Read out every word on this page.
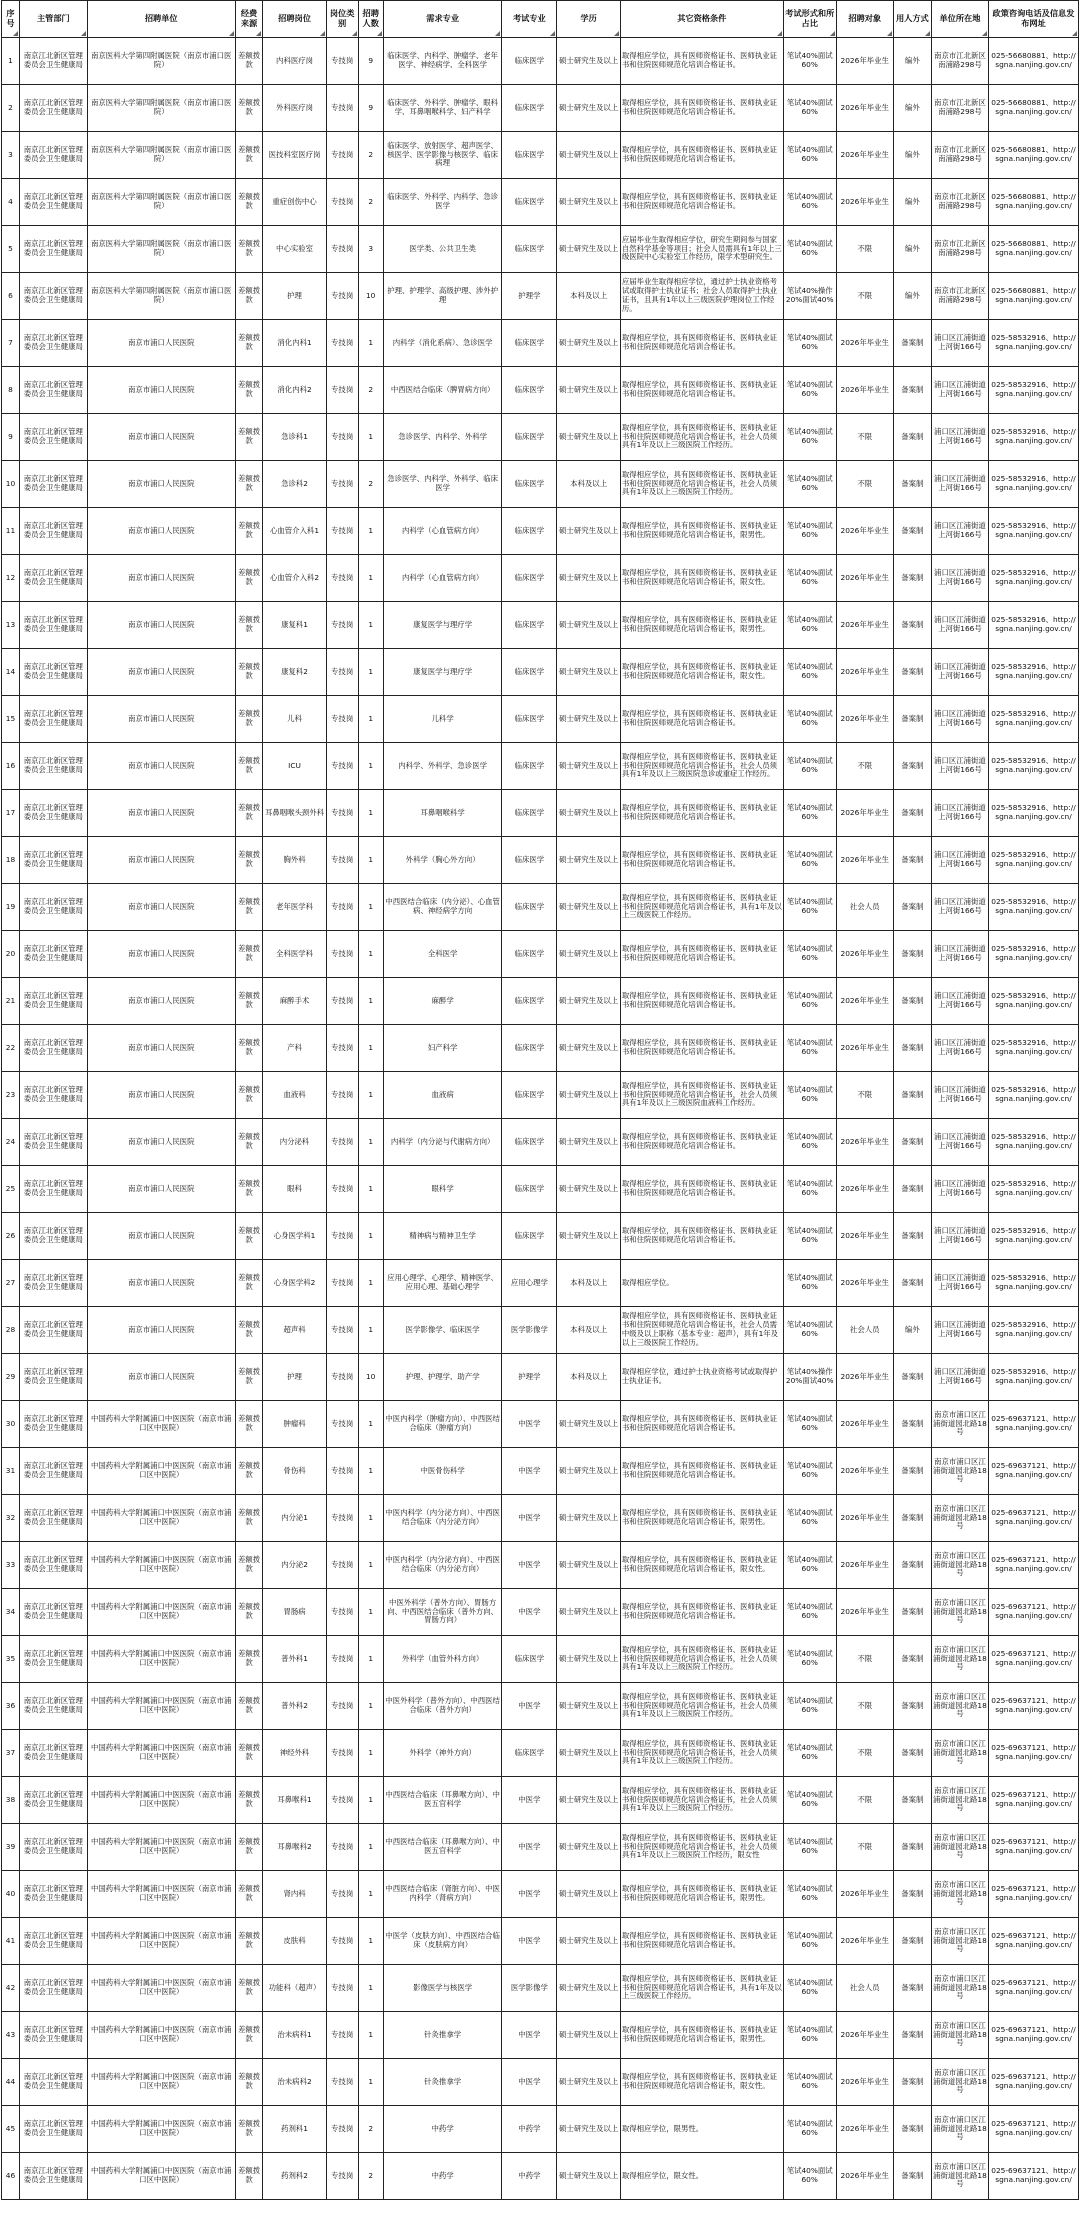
序号	主管部门	招聘单位	经费来源	招聘岗位	岗位类别	招聘人数	需求专业	考试专业	学历	其它资格条件	考试形式和所占比	招聘对象	用人方式	单位所在地	政策咨询电话及信息发布网址

1	南京江北新区管理委员会卫生健康局	南京医科大学第四附属医院（南京市浦口医院）	差额拨款	内科医疗岗	专技岗	9	临床医学、内科学、肿瘤学、老年医学、神经病学、全科医学	临床医学	硕士研究生及以上	取得相应学位，具有医师资格证书、医师执业证书和住院医师规范化培训合格证书。	笔试40%面试60%	2026年毕业生	编外	南京市江北新区南浦路298号	025-56680881、http://sgna.nanjing.gov.cn/
2	南京江北新区管理委员会卫生健康局	南京医科大学第四附属医院（南京市浦口医院）	差额拨款	外科医疗岗	专技岗	9	临床医学、外科学、肿瘤学、眼科学、耳鼻咽喉科学、妇产科学	临床医学	硕士研究生及以上	取得相应学位，具有医师资格证书、医师执业证书和住院医师规范化培训合格证书。	笔试40%面试60%	2026年毕业生	编外	南京市江北新区南浦路298号	025-56680881、http://sgna.nanjing.gov.cn/
3	南京江北新区管理委员会卫生健康局	南京医科大学第四附属医院（南京市浦口医院）	差额拨款	医技科室医疗岗	专技岗	2	临床医学、放射医学、超声医学、核医学、医学影像与核医学、临床病理	临床医学	硕士研究生及以上	取得相应学位，具有医师资格证书、医师执业证书和住院医师规范化培训合格证书。	笔试40%面试60%	2026年毕业生	编外	南京市江北新区南浦路298号	025-56680881、http://sgna.nanjing.gov.cn/
4	南京江北新区管理委员会卫生健康局	南京医科大学第四附属医院（南京市浦口医院）	差额拨款	重症创伤中心	专技岗	2	临床医学、外科学、内科学、急诊医学	临床医学	硕士研究生及以上	取得相应学位，具有医师资格证书、医师执业证书和住院医师规范化培训合格证书。	笔试40%面试60%	2026年毕业生	编外	南京市江北新区南浦路298号	025-56680881、http://sgna.nanjing.gov.cn/
5	南京江北新区管理委员会卫生健康局	南京医科大学第四附属医院（南京市浦口医院）	差额拨款	中心实验室	专技岗	3	医学类、公共卫生类	临床医学	硕士研究生及以上	应届毕业生取得相应学位，研究生期间参与国家自然科学基金等项目；社会人员需具有1年以上三级医院中心实验室工作经历，限学术型研究生。	笔试40%面试60%	不限	编外	南京市江北新区南浦路298号	025-56680881、http://sgna.nanjing.gov.cn/
6	南京江北新区管理委员会卫生健康局	南京医科大学第四附属医院（南京市浦口医院）	差额拨款	护理	专技岗	10	护理、护理学、高级护理、涉外护理	护理学	本科及以上	应届毕业生取得相应学位，通过护士执业资格考试或取得护士执业证书；社会人员取得护士执业证书，且具有1年以上三级医院护理岗位工作经历。	笔试40%操作20%面试40%	不限	编外	南京市江北新区南浦路298号	025-56680881、http://sgna.nanjing.gov.cn/
7	南京江北新区管理委员会卫生健康局	南京市浦口人民医院	差额拨款	消化内科1	专技岗	1	内科学（消化系病）、急诊医学	临床医学	硕士研究生及以上	取得相应学位，具有医师资格证书、医师执业证书和住院医师规范化培训合格证书。	笔试40%面试60%	2026年毕业生	备案制	浦口区江浦街道上河街166号	025-58532916、http://sgna.nanjing.gov.cn/
8	南京江北新区管理委员会卫生健康局	南京市浦口人民医院	差额拨款	消化内科2	专技岗	2	中西医结合临床（脾胃病方向）	临床医学	硕士研究生及以上	取得相应学位，具有医师资格证书、医师执业证书和住院医师规范化培训合格证书。	笔试40%面试60%	2026年毕业生	备案制	浦口区江浦街道上河街166号	025-58532916、http://sgna.nanjing.gov.cn/
9	南京江北新区管理委员会卫生健康局	南京市浦口人民医院	差额拨款	急诊科1	专技岗	1	急诊医学、内科学、外科学	临床医学	硕士研究生及以上	取得相应学位，具有医师资格证书、医师执业证书和住院医师规范化培训合格证书，社会人员须具有1年及以上三级医院工作经历。	笔试40%面试60%	不限	备案制	浦口区江浦街道上河街166号	025-58532916、http://sgna.nanjing.gov.cn/
10	南京江北新区管理委员会卫生健康局	南京市浦口人民医院	差额拨款	急诊科2	专技岗	2	急诊医学、内科学、外科学、临床医学	临床医学	本科及以上	取得相应学位，具有医师资格证书、医师执业证书和住院医师规范化培训合格证书，社会人员须具有1年及以上三级医院工作经历。	笔试40%面试60%	不限	备案制	浦口区江浦街道上河街166号	025-58532916、http://sgna.nanjing.gov.cn/
11	南京江北新区管理委员会卫生健康局	南京市浦口人民医院	差额拨款	心血管介入科1	专技岗	1	内科学（心血管病方向）	临床医学	硕士研究生及以上	取得相应学位，具有医师资格证书、医师执业证书和住院医师规范化培训合格证书，限男性。	笔试40%面试60%	2026年毕业生	备案制	浦口区江浦街道上河街166号	025-58532916、http://sgna.nanjing.gov.cn/
12	南京江北新区管理委员会卫生健康局	南京市浦口人民医院	差额拨款	心血管介入科2	专技岗	1	内科学（心血管病方向）	临床医学	硕士研究生及以上	取得相应学位，具有医师资格证书、医师执业证书和住院医师规范化培训合格证书，限女性。	笔试40%面试60%	2026年毕业生	备案制	浦口区江浦街道上河街166号	025-58532916、http://sgna.nanjing.gov.cn/
13	南京江北新区管理委员会卫生健康局	南京市浦口人民医院	差额拨款	康复科1	专技岗	1	康复医学与理疗学	临床医学	硕士研究生及以上	取得相应学位，具有医师资格证书、医师执业证书和住院医师规范化培训合格证书，限男性。	笔试40%面试60%	2026年毕业生	备案制	浦口区江浦街道上河街166号	025-58532916、http://sgna.nanjing.gov.cn/
14	南京江北新区管理委员会卫生健康局	南京市浦口人民医院	差额拨款	康复科2	专技岗	1	康复医学与理疗学	临床医学	硕士研究生及以上	取得相应学位，具有医师资格证书、医师执业证书和住院医师规范化培训合格证书，限女性。	笔试40%面试60%	2026年毕业生	备案制	浦口区江浦街道上河街166号	025-58532916、http://sgna.nanjing.gov.cn/
15	南京江北新区管理委员会卫生健康局	南京市浦口人民医院	差额拨款	儿科	专技岗	1	儿科学	临床医学	硕士研究生及以上	取得相应学位，具有医师资格证书、医师执业证书和住院医师规范化培训合格证书。	笔试40%面试60%	2026年毕业生	备案制	浦口区江浦街道上河街166号	025-58532916、http://sgna.nanjing.gov.cn/
16	南京江北新区管理委员会卫生健康局	南京市浦口人民医院	差额拨款	ICU	专技岗	1	内科学、外科学、急诊医学	临床医学	硕士研究生及以上	取得相应学位，具有医师资格证书、医师执业证书和住院医师规范化培训合格证书，社会人员须具有1年及以上三级医院急诊或重症工作经历。	笔试40%面试60%	不限	备案制	浦口区江浦街道上河街166号	025-58532916、http://sgna.nanjing.gov.cn/
17	南京江北新区管理委员会卫生健康局	南京市浦口人民医院	差额拨款	耳鼻咽喉头颈外科	专技岗	1	耳鼻咽喉科学	临床医学	硕士研究生及以上	取得相应学位，具有医师资格证书、医师执业证书和住院医师规范化培训合格证书。	笔试40%面试60%	2026年毕业生	备案制	浦口区江浦街道上河街166号	025-58532916、http://sgna.nanjing.gov.cn/
18	南京江北新区管理委员会卫生健康局	南京市浦口人民医院	差额拨款	胸外科	专技岗	1	外科学（胸心外方向）	临床医学	硕士研究生及以上	取得相应学位，具有医师资格证书、医师执业证书和住院医师规范化培训合格证书。	笔试40%面试60%	2026年毕业生	备案制	浦口区江浦街道上河街166号	025-58532916、http://sgna.nanjing.gov.cn/
19	南京江北新区管理委员会卫生健康局	南京市浦口人民医院	差额拨款	老年医学科	专技岗	1	中西医结合临床（内分泌）、心血管病、神经病学方向	临床医学	硕士研究生及以上	取得相应学位，具有医师资格证书、医师执业证书和住院医师规范化培训合格证书，具有1年及以上三级医院工作经历。	笔试40%面试60%	社会人员	备案制	浦口区江浦街道上河街166号	025-58532916、http://sgna.nanjing.gov.cn/
20	南京江北新区管理委员会卫生健康局	南京市浦口人民医院	差额拨款	全科医学科	专技岗	1	全科医学	临床医学	硕士研究生及以上	取得相应学位，具有医师资格证书、医师执业证书和住院医师规范化培训合格证书。	笔试40%面试60%	2026年毕业生	备案制	浦口区江浦街道上河街166号	025-58532916、http://sgna.nanjing.gov.cn/
21	南京江北新区管理委员会卫生健康局	南京市浦口人民医院	差额拨款	麻醉手术	专技岗	1	麻醉学	临床医学	硕士研究生及以上	取得相应学位，具有医师资格证书、医师执业证书和住院医师规范化培训合格证书。	笔试40%面试60%	2026年毕业生	备案制	浦口区江浦街道上河街166号	025-58532916、http://sgna.nanjing.gov.cn/
22	南京江北新区管理委员会卫生健康局	南京市浦口人民医院	差额拨款	产科	专技岗	1	妇产科学	临床医学	硕士研究生及以上	取得相应学位，具有医师资格证书、医师执业证书和住院医师规范化培训合格证书。	笔试40%面试60%	2026年毕业生	备案制	浦口区江浦街道上河街166号	025-58532916、http://sgna.nanjing.gov.cn/
23	南京江北新区管理委员会卫生健康局	南京市浦口人民医院	差额拨款	血液科	专技岗	1	血液病	临床医学	硕士研究生及以上	取得相应学位，具有医师资格证书、医师执业证书和住院医师规范化培训合格证书，社会人员须具有1年及以上三级医院血液科工作经历。	笔试40%面试60%	不限	备案制	浦口区江浦街道上河街166号	025-58532916、http://sgna.nanjing.gov.cn/
24	南京江北新区管理委员会卫生健康局	南京市浦口人民医院	差额拨款	内分泌科	专技岗	1	内科学（内分泌与代谢病方向）	临床医学	硕士研究生及以上	取得相应学位，具有医师资格证书、医师执业证书和住院医师规范化培训合格证书。	笔试40%面试60%	2026年毕业生	备案制	浦口区江浦街道上河街166号	025-58532916、http://sgna.nanjing.gov.cn/
25	南京江北新区管理委员会卫生健康局	南京市浦口人民医院	差额拨款	眼科	专技岗	1	眼科学	临床医学	硕士研究生及以上	取得相应学位，具有医师资格证书、医师执业证书和住院医师规范化培训合格证书。	笔试40%面试60%	2026年毕业生	备案制	浦口区江浦街道上河街166号	025-58532916、http://sgna.nanjing.gov.cn/
26	南京江北新区管理委员会卫生健康局	南京市浦口人民医院	差额拨款	心身医学科1	专技岗	1	精神病与精神卫生学	临床医学	硕士研究生及以上	取得相应学位，具有医师资格证书、医师执业证书和住院医师规范化培训合格证书。	笔试40%面试60%	2026年毕业生	备案制	浦口区江浦街道上河街166号	025-58532916、http://sgna.nanjing.gov.cn/
27	南京江北新区管理委员会卫生健康局	南京市浦口人民医院	差额拨款	心身医学科2	专技岗	1	应用心理学、心理学、精神医学、应用心理、基础心理学	应用心理学	本科及以上	取得相应学位。	笔试40%面试60%	2026年毕业生	备案制	浦口区江浦街道上河街166号	025-58532916、http://sgna.nanjing.gov.cn/
28	南京江北新区管理委员会卫生健康局	南京市浦口人民医院	差额拨款	超声科	专技岗	1	医学影像学、临床医学	医学影像学	本科及以上	取得相应学位，具有医师资格证书、医师执业证书和住院医师规范化培训合格证书，社会人员需中级及以上职称（基本专业：超声），具有1年及以上三级医院工作经历。	笔试40%面试60%	社会人员	编外	浦口区江浦街道上河街166号	025-58532916、http://sgna.nanjing.gov.cn/
29	南京江北新区管理委员会卫生健康局	南京市浦口人民医院	差额拨款	护理	专技岗	10	护理、护理学、助产学	护理学	本科及以上	取得相应学位，通过护士执业资格考试或取得护士执业证书。	笔试40%操作20%面试40%	2026年毕业生	备案制	浦口区江浦街道上河街166号	025-58532916、http://sgna.nanjing.gov.cn/
30	南京江北新区管理委员会卫生健康局	中国药科大学附属浦口中医医院（南京市浦口区中医院）	差额拨款	肿瘤科	专技岗	1	中医内科学（肿瘤方向）、中西医结合临床（肿瘤方向）	中医学	硕士研究生及以上	取得相应学位，具有医师资格证书、医师执业证书和住院医师规范化培训合格证书。	笔试40%面试60%	2026年毕业生	备案制	南京市浦口区江浦街道园北路18号	025-69637121、http://sgna.nanjing.gov.cn/
31	南京江北新区管理委员会卫生健康局	中国药科大学附属浦口中医医院（南京市浦口区中医院）	差额拨款	骨伤科	专技岗	1	中医骨伤科学	中医学	硕士研究生及以上	取得相应学位，具有医师资格证书、医师执业证书和住院医师规范化培训合格证书。	笔试40%面试60%	2026年毕业生	备案制	南京市浦口区江浦街道园北路18号	025-69637121、http://sgna.nanjing.gov.cn/
32	南京江北新区管理委员会卫生健康局	中国药科大学附属浦口中医医院（南京市浦口区中医院）	差额拨款	内分泌1	专技岗	1	中医内科学（内分泌方向）、中西医结合临床（内分泌方向）	中医学	硕士研究生及以上	取得相应学位，具有医师资格证书、医师执业证书和住院医师规范化培训合格证书，限男性。	笔试40%面试60%	2026年毕业生	备案制	南京市浦口区江浦街道园北路18号	025-69637121、http://sgna.nanjing.gov.cn/
33	南京江北新区管理委员会卫生健康局	中国药科大学附属浦口中医医院（南京市浦口区中医院）	差额拨款	内分泌2	专技岗	1	中医内科学（内分泌方向）、中西医结合临床（内分泌方向）	中医学	硕士研究生及以上	取得相应学位，具有医师资格证书、医师执业证书和住院医师规范化培训合格证书，限女性。	笔试40%面试60%	2026年毕业生	备案制	南京市浦口区江浦街道园北路18号	025-69637121、http://sgna.nanjing.gov.cn/
34	南京江北新区管理委员会卫生健康局	中国药科大学附属浦口中医医院（南京市浦口区中医院）	差额拨款	胃肠病	专技岗	1	中医外科学（普外方向）、胃肠方向、中西医结合临床（普外方向、胃肠方向）	中医学	硕士研究生及以上	取得相应学位，具有医师资格证书、医师执业证书和住院医师规范化培训合格证书。	笔试40%面试60%	2026年毕业生	备案制	南京市浦口区江浦街道园北路18号	025-69637121、http://sgna.nanjing.gov.cn/
35	南京江北新区管理委员会卫生健康局	中国药科大学附属浦口中医医院（南京市浦口区中医院）	差额拨款	普外科1	专技岗	1	外科学（血管外科方向）	临床医学	硕士研究生及以上	取得相应学位，具有医师资格证书、医师执业证书和住院医师规范化培训合格证书，社会人员须具有1年及以上三级医院工作经历。	笔试40%面试60%	不限	备案制	南京市浦口区江浦街道园北路18号	025-69637121、http://sgna.nanjing.gov.cn/
36	南京江北新区管理委员会卫生健康局	中国药科大学附属浦口中医医院（南京市浦口区中医院）	差额拨款	普外科2	专技岗	1	中医外科学（普外方向）、中西医结合临床（普外方向）	中医学	硕士研究生及以上	取得相应学位，具有医师资格证书、医师执业证书和住院医师规范化培训合格证书，社会人员须具有1年及以上三级医院工作经历。	笔试40%面试60%	不限	备案制	南京市浦口区江浦街道园北路18号	025-69637121、http://sgna.nanjing.gov.cn/
37	南京江北新区管理委员会卫生健康局	中国药科大学附属浦口中医医院（南京市浦口区中医院）	差额拨款	神经外科	专技岗	1	外科学（神外方向）	临床医学	硕士研究生及以上	取得相应学位，具有医师资格证书、医师执业证书和住院医师规范化培训合格证书，社会人员须具有1年及以上三级医院工作经历。	笔试40%面试60%	不限	备案制	南京市浦口区江浦街道园北路18号	025-69637121、http://sgna.nanjing.gov.cn/
38	南京江北新区管理委员会卫生健康局	中国药科大学附属浦口中医医院（南京市浦口区中医院）	差额拨款	耳鼻喉科1	专技岗	1	中西医结合临床（耳鼻喉方向）、中医五官科学	中医学	硕士研究生及以上	取得相应学位，具有医师资格证书、医师执业证书和住院医师规范化培训合格证书，社会人员须具有1年及以上三级医院工作经历。	笔试40%面试60%	不限	备案制	南京市浦口区江浦街道园北路18号	025-69637121、http://sgna.nanjing.gov.cn/
39	南京江北新区管理委员会卫生健康局	中国药科大学附属浦口中医医院（南京市浦口区中医院）	差额拨款	耳鼻喉科2	专技岗	1	中西医结合临床（耳鼻喉方向）、中医五官科学	中医学	硕士研究生及以上	取得相应学位，具有医师资格证书、医师执业证书和住院医师规范化培训合格证书，社会人员须具有1年及以上三级医院工作经历，限女性	笔试40%面试60%	不限	备案制	南京市浦口区江浦街道园北路18号	025-69637121、http://sgna.nanjing.gov.cn/
40	南京江北新区管理委员会卫生健康局	中国药科大学附属浦口中医医院（南京市浦口区中医院）	差额拨款	肾内科	专技岗	1	中西医结合临床（肾脏方向）、中医内科学（肾病方向）	中医学	硕士研究生及以上	取得相应学位，具有医师资格证书、医师执业证书和住院医师规范化培训合格证书，限男性。	笔试40%面试60%	2026年毕业生	备案制	南京市浦口区江浦街道园北路18号	025-69637121、http://sgna.nanjing.gov.cn/
41	南京江北新区管理委员会卫生健康局	中国药科大学附属浦口中医医院（南京市浦口区中医院）	差额拨款	皮肤科	专技岗	1	中医学（皮肤方向）、中西医结合临床（皮肤病方向）	中医学	硕士研究生及以上	取得相应学位，具有医师资格证书、医师执业证书和住院医师规范化培训合格证书。	笔试40%面试60%	2026年毕业生	备案制	南京市浦口区江浦街道园北路18号	025-69637121、http://sgna.nanjing.gov.cn/
42	南京江北新区管理委员会卫生健康局	中国药科大学附属浦口中医医院（南京市浦口区中医院）	差额拨款	功能科（超声）	专技岗	1	影像医学与核医学	医学影像学	硕士研究生及以上	取得相应学位，具有医师资格证书、医师执业证书和住院医师规范化培训合格证书，具有1年及以上三级医院工作经历。	笔试40%面试60%	社会人员	备案制	南京市浦口区江浦街道园北路18号	025-69637121、http://sgna.nanjing.gov.cn/
43	南京江北新区管理委员会卫生健康局	中国药科大学附属浦口中医医院（南京市浦口区中医院）	差额拨款	治未病科1	专技岗	1	针灸推拿学	中医学	硕士研究生及以上	取得相应学位，具有医师资格证书、医师执业证书和住院医师规范化培训合格证书，限男性。	笔试40%面试60%	2026年毕业生	备案制	南京市浦口区江浦街道园北路18号	025-69637121、http://sgna.nanjing.gov.cn/
44	南京江北新区管理委员会卫生健康局	中国药科大学附属浦口中医医院（南京市浦口区中医院）	差额拨款	治未病科2	专技岗	1	针灸推拿学	中医学	硕士研究生及以上	取得相应学位，具有医师资格证书、医师执业证书和住院医师规范化培训合格证书，限女性。	笔试40%面试60%	2026年毕业生	备案制	南京市浦口区江浦街道园北路18号	025-69637121、http://sgna.nanjing.gov.cn/
45	南京江北新区管理委员会卫生健康局	中国药科大学附属浦口中医医院（南京市浦口区中医院）	差额拨款	药剂科1	专技岗	2	中药学	中药学	硕士研究生及以上	取得相应学位，限男性。	笔试40%面试60%	2026年毕业生	备案制	南京市浦口区江浦街道园北路18号	025-69637121、http://sgna.nanjing.gov.cn/
46	南京江北新区管理委员会卫生健康局	中国药科大学附属浦口中医医院（南京市浦口区中医院）	差额拨款	药剂科2	专技岗	2	中药学	中药学	硕士研究生及以上	取得相应学位，限女性。	笔试40%面试60%	2026年毕业生	备案制	南京市浦口区江浦街道园北路18号	025-69637121、http://sgna.nanjing.gov.cn/
